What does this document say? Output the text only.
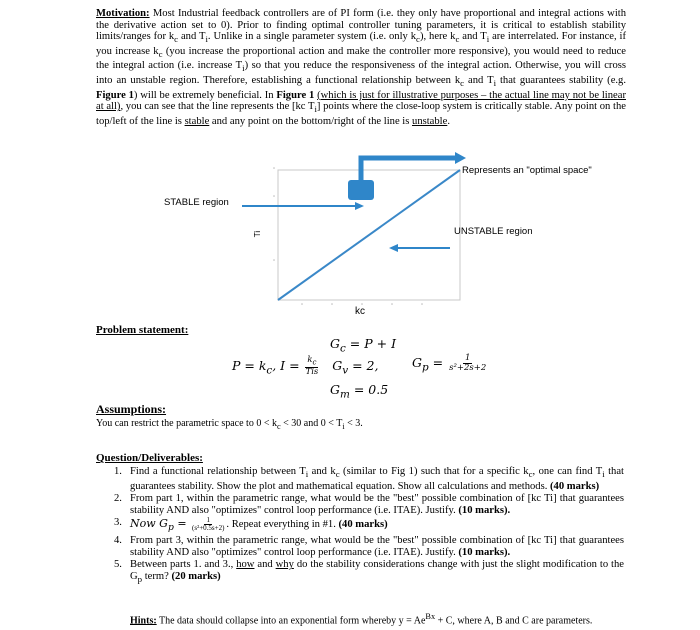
Motivation: Most Industrial feedback controllers are of PI form (i.e. they only have proportional and integral actions with the derivative action set to 0). Prior to finding optimal controller tuning parameters, it is critical to establish stability limits/ranges for $k_c$ and $T_i$. Unlike in a single parameter system (i.e. only $k_c$), here $k_c$ and $T_i$ are interrelated. For instance, if you increase $k_c$ (you increase the proportional action and make the controller more responsive), you would need to reduce the integral action (i.e. increase $T_i$) so that you reduce the responsiveness of the integral action. Otherwise, you will cross into an unstable region. Therefore, establishing a functional relationship between $k_c$ and $T_i$ that guarantees stability (e.g. Figure 1) will be extremely beneficial. In Figure 1 (which is just for illustrative purposes – the actual line may not be linear at all), you can see that the line represents the [kc $T_i$] points where the close-loop system is critically stable. Any point on the top/left of the line is stable and any point on the bottom/right of the line is unstable.
STABLE region
UNSTABLE region
Represents an "optimal space"
kc
Ti
Problem statement:
$G_c = P + I$
$P = k_c$, $I = \frac{k_c}{\text{Tis}} G_v = 2$,	$G_p = \frac{1}{\text{s²+2s+2}}$
$G_m = 0.5$
Assumptions:
You can restrict the parametric space to $0 < k_c < 30$ and $0 < T_i < 3$.
Question/Deliverables:
1. Find a functional relationship between $T_i$ and $k_c$ (similar to Fig 1) such that for a specific $k_c$, one can find $T_i$ that guarantees stability. Show the plot and mathematical equation. Show all calculations and methods. (40 marks)
2. From part 1, within the parametric range, what would be the "best" possible combination of [kc Ti] that guarantees stability AND also "optimizes" control loop performance (i.e. ITAE). Justify. (10 marks).
3. Now $G_p = \frac{1}{\text{(s²+0.5s+2)}}$ . Repeat everything in #1. (40 marks)
4. From part 3, within the parametric range, what would be the "best" possible combination of [kc Ti] that guarantees stability AND also "optimizes" control loop performance (i.e. ITAE). Justify. (10 marks).
5. Between parts 1. and 3., how and why do the stability considerations change with just the slight modification to the $G_p$ term? (20 marks)
Hints: The data should collapse into an exponential form whereby $y = Ae^{Bx} + C$, where A, B and C are parameters.
